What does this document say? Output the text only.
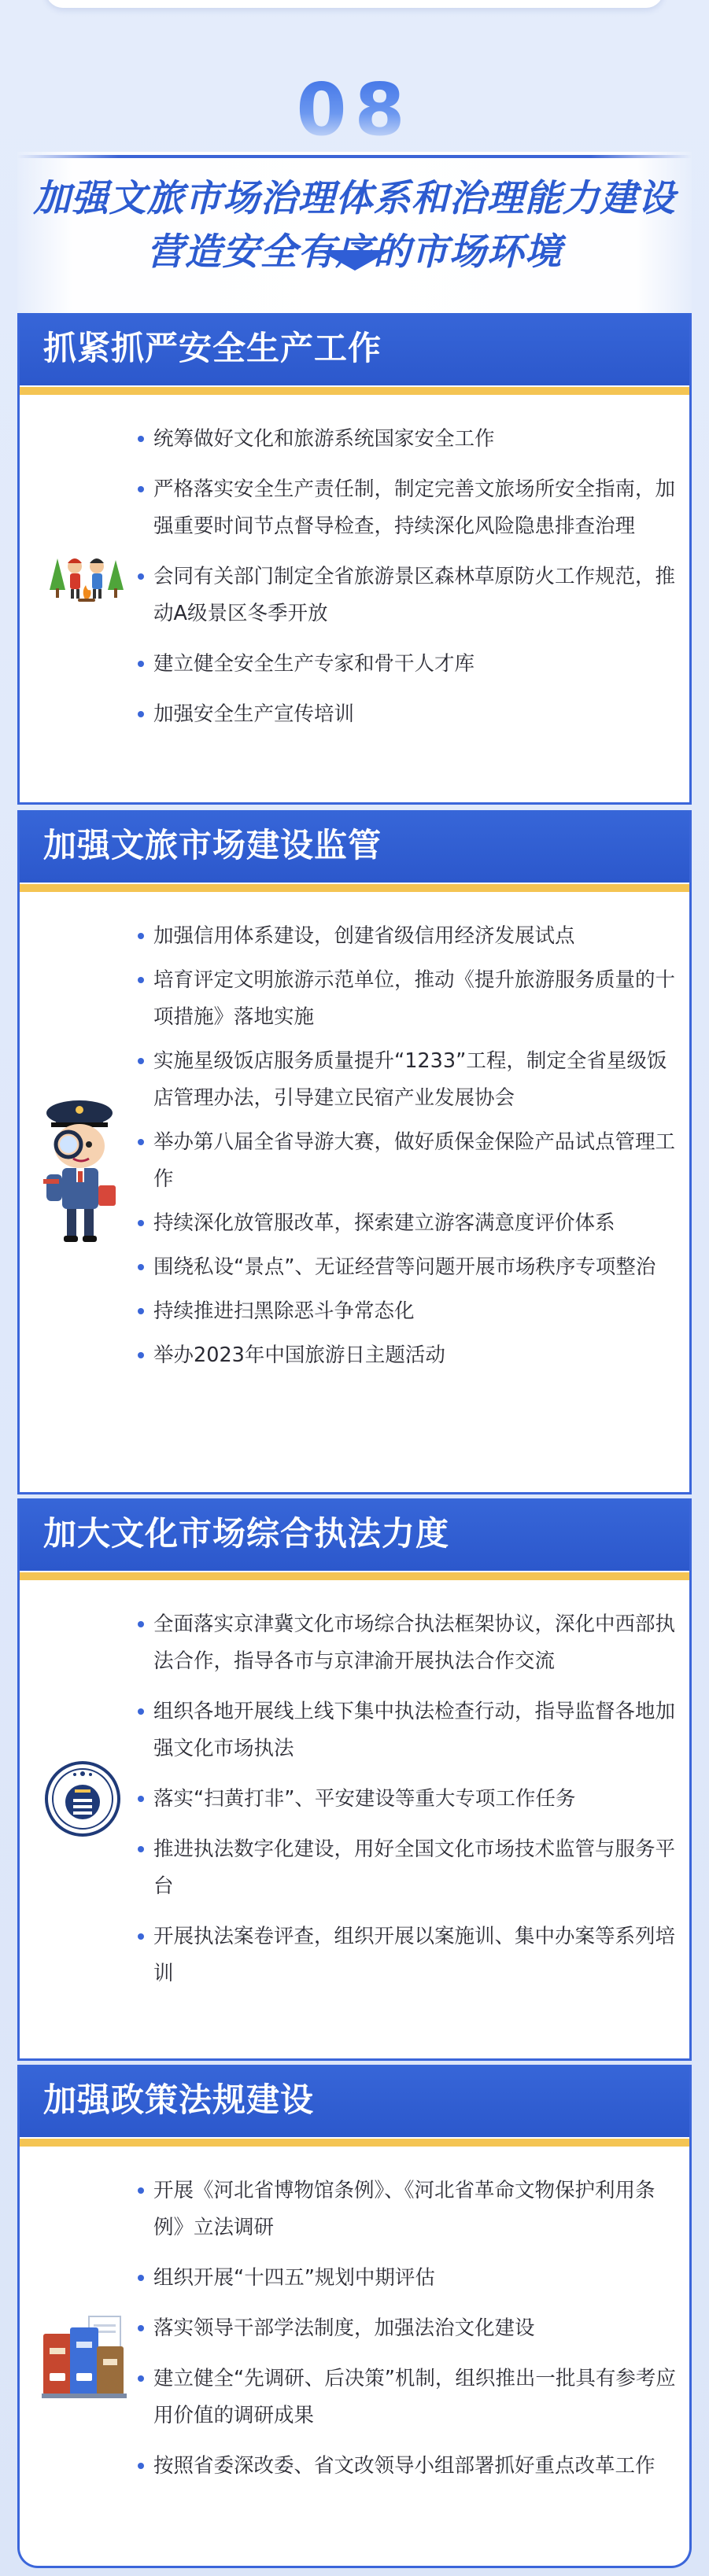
08
加强文旅市场治理体系和治理能力建设
营造安全有序的市场环境
抓紧抓严安全生产工作
统筹做好文化和旅游系统国家安全工作
严格落实安全生产责任制，制定完善文旅场所安全指南，加强重要时间节点督导检查，持续深化风险隐患排查治理
会同有关部门制定全省旅游景区森林草原防火工作规范，推动A级景区冬季开放
建立健全安全生产专家和骨干人才库
加强安全生产宣传培训
加强文旅市场建设监管
加强信用体系建设，创建省级信用经济发展试点
培育评定文明旅游示范单位，推动《提升旅游服务质量的十项措施》落地实施
实施星级饭店服务质量提升“1233”工程，制定全省星级饭店管理办法，引导建立民宿产业发展协会
举办第八届全省导游大赛，做好质保金保险产品试点管理工作
持续深化放管服改革，探索建立游客满意度评价体系
围绕私设“景点”、无证经营等问题开展市场秩序专项整治
持续推进扫黑除恶斗争常态化
举办2023年中国旅游日主题活动
加大文化市场综合执法力度
全面落实京津冀文化市场综合执法框架协议，深化中西部执法合作，指导各市与京津渝开展执法合作交流
组织各地开展线上线下集中执法检查行动，指导监督各地加强文化市场执法
落实“扫黄打非”、平安建设等重大专项工作任务
推进执法数字化建设，用好全国文化市场技术监管与服务平台
开展执法案卷评查，组织开展以案施训、集中办案等系列培训
加强政策法规建设
开展《河北省博物馆条例》、《河北省革命文物保护利用条例》立法调研
组织开展“十四五”规划中期评估
落实领导干部学法制度，加强法治文化建设
建立健全“先调研、后决策”机制，组织推出一批具有参考应用价值的调研成果
按照省委深改委、省文改领导小组部署抓好重点改革工作
